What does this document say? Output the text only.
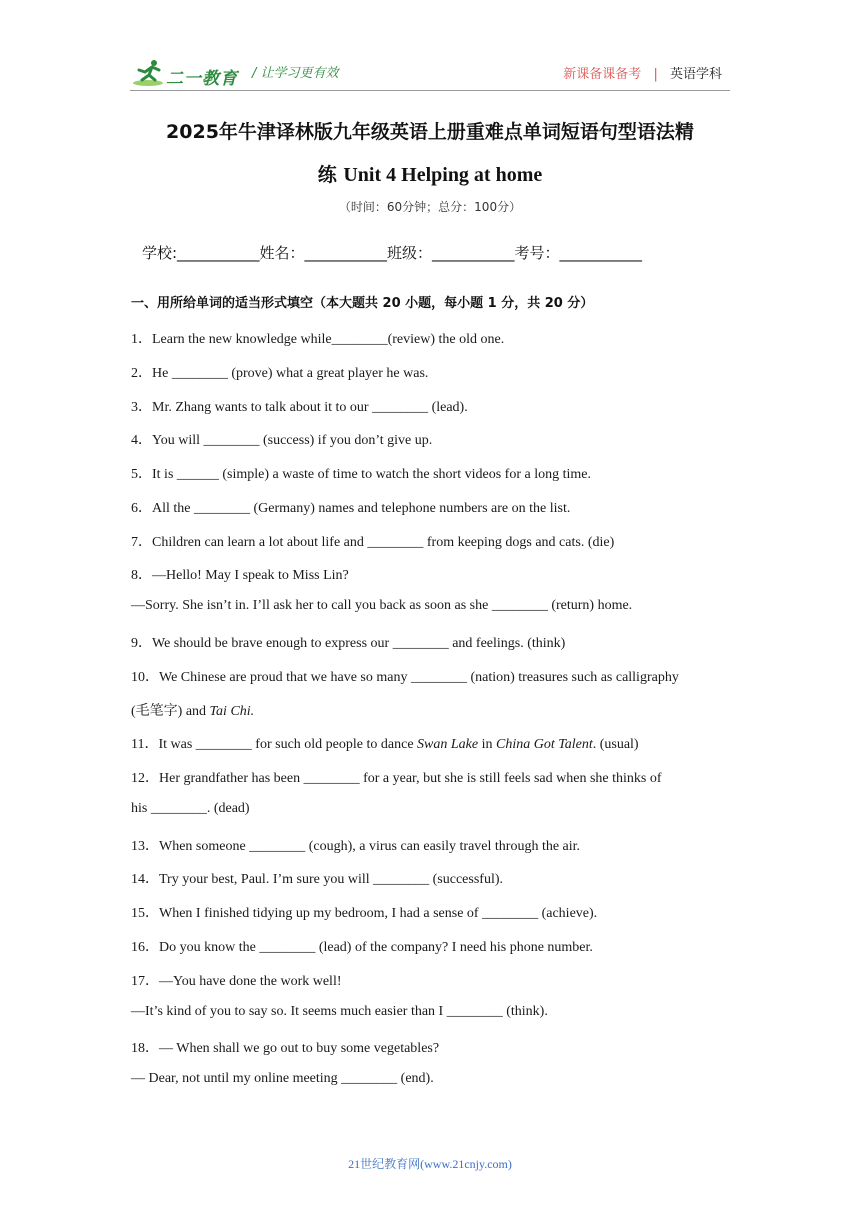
二一教育 / 让学习更有效	新课备课备考 | 英语学科
2025年牛津译林版九年级英语上册重难点单词短语句型语法精
练 Unit 4 Helping at home
（时间：60分钟；总分：100分）
学校:___________姓名：___________班级：___________考号：___________
一、用所给单词的适当形式填空（本大题共 20 小题，每小题 1 分，共 20 分）
1．Learn the new knowledge while________(review) the old one.
2．He ________ (prove) what a great player he was.
3．Mr. Zhang wants to talk about it to our ________ (lead).
4．You will ________ (success) if you don’t give up.
5．It is ______ (simple) a waste of time to watch the short videos for a long time.
6．All the ________ (Germany) names and telephone numbers are on the list.
7．Children can learn a lot about life and ________ from keeping dogs and cats. (die)
8．—Hello! May I speak to Miss Lin?
—Sorry. She isn’t in. I’ll ask her to call you back as soon as she ________ (return) home.
9．We should be brave enough to express our ________ and feelings. (think)
10．We Chinese are proud that we have so many ________ (nation) treasures such as calligraphy
(毛笔字) and Tai Chi.
11．It was ________ for such old people to dance Swan Lake in China Got Talent. (usual)
12．Her grandfather has been ________ for a year, but she is still feels sad when she thinks of
his ________. (dead)
13．When someone ________ (cough), a virus can easily travel through the air.
14．Try your best, Paul. I’m sure you will ________ (successful).
15．When I finished tidying up my bedroom, I had a sense of ________ (achieve).
16．Do you know the ________ (lead) of the company? I need his phone number.
17．—You have done the work well!
—It’s kind of you to say so. It seems much easier than I ________ (think).
18．— When shall we go out to buy some vegetables?
— Dear, not until my online meeting ________ (end).
21世纪教育网(www.21cnjy.com)
